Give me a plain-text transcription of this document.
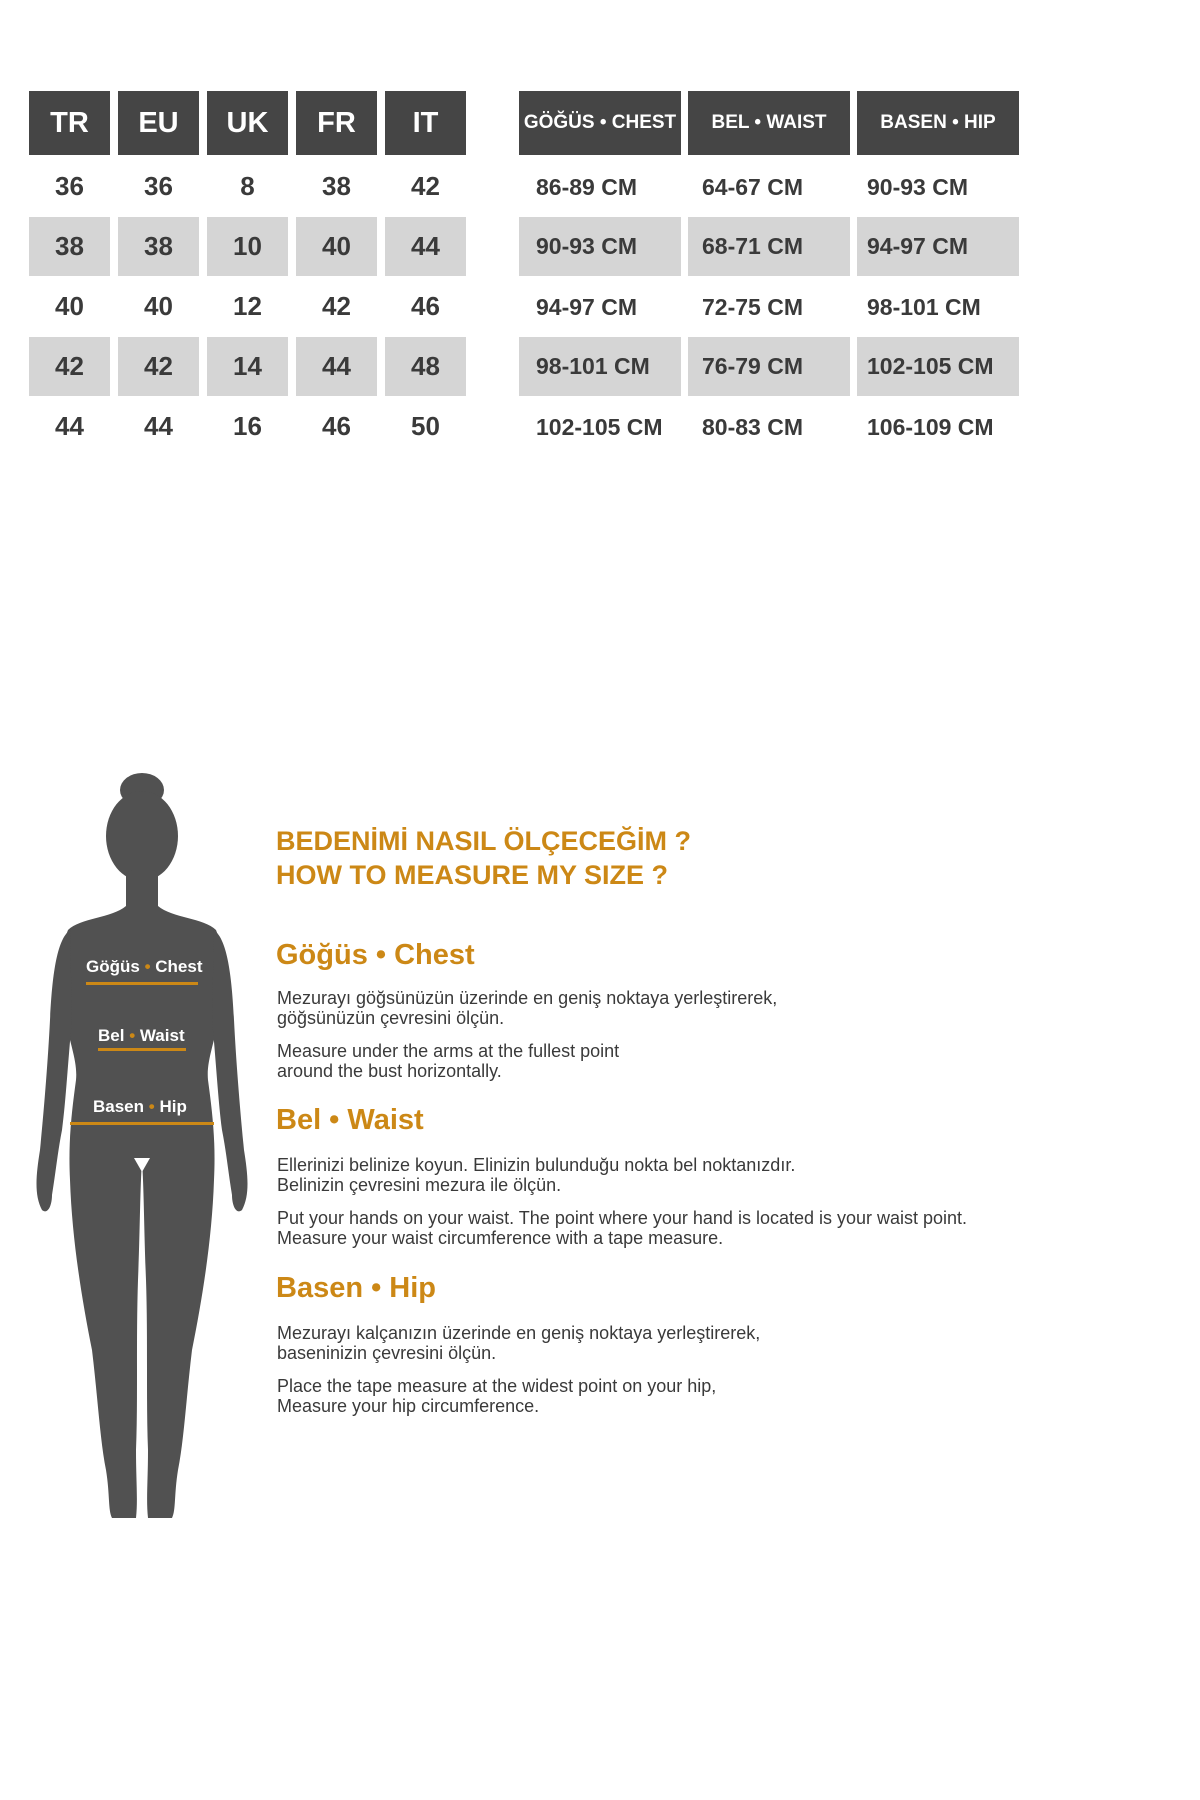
TR	EU	UK	FR	IT
36	36	8	38	42
38	38	10	40	44
40	40	12	42	46
42	42	14	44	48
44	44	16	46	50
GÖĞÜS • CHEST	BEL • WAIST	BASEN • HIP
86-89 CM	64-67 CM	90-93 CM
90-93 CM	68-71 CM	94-97 CM
94-97 CM	72-75 CM	98-101 CM
98-101 CM	76-79 CM	102-105 CM
102-105 CM	80-83 CM	106-109 CM
Göğüs • Chest
Bel • Waist
Basen • Hip
BEDENİMİ NASIL ÖLÇECEĞİM ?
HOW TO MEASURE MY SIZE ?
Göğüs • Chest
Mezurayı göğsünüzün üzerinde en geniş noktaya yerleştirerek,
göğsünüzün çevresini ölçün.
Measure under the arms at the fullest point
around the bust horizontally.
Bel • Waist
Ellerinizi belinize koyun. Elinizin bulunduğu nokta bel noktanızdır.
Belinizin çevresini mezura ile ölçün.
Put your hands on your waist. The point where your hand is located is your waist point.
Measure your waist circumference with a tape measure.
Basen • Hip
Mezurayı kalçanızın üzerinde en geniş noktaya yerleştirerek,
baseninizin çevresini ölçün.
Place the tape measure at the widest point on your hip,
Measure your hip circumference.
